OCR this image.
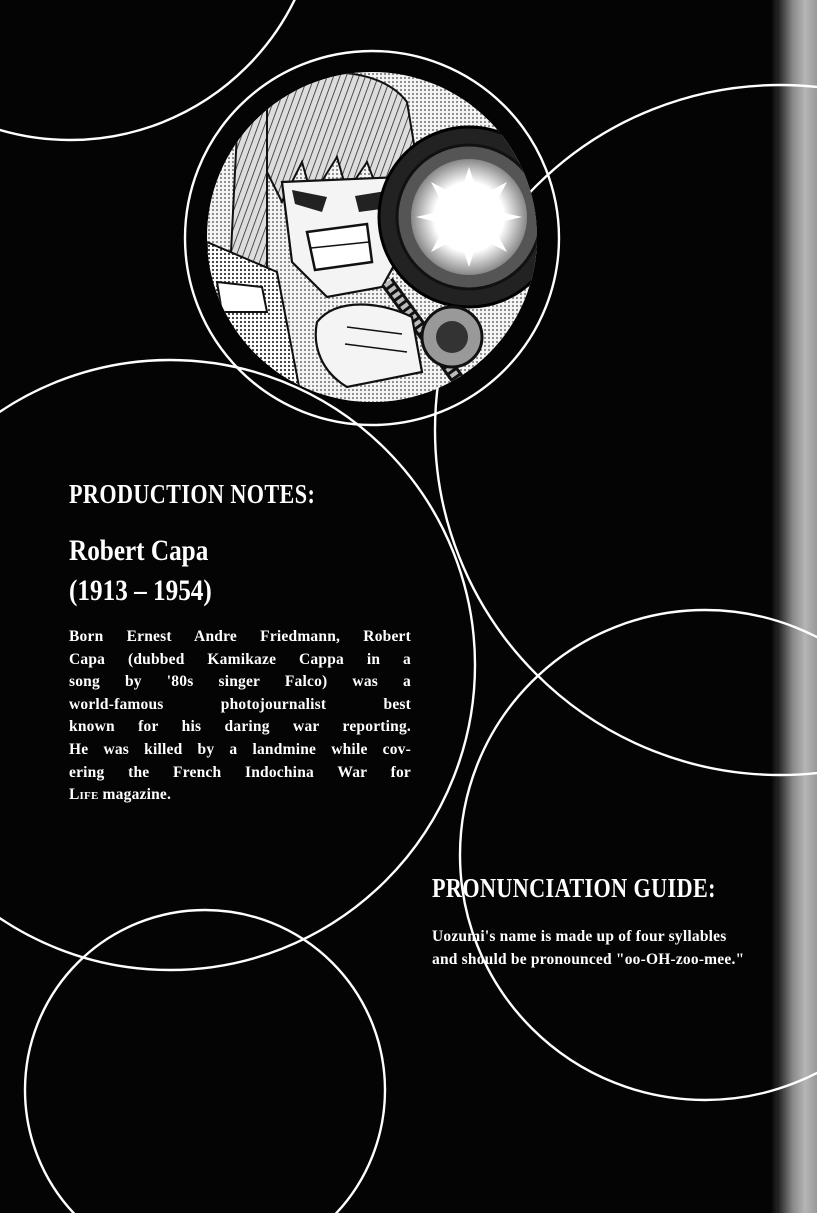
PRODUCTION NOTES:
Robert Capa
(1913 – 1954)
Born Ernest Andre Friedmann, Robert
Capa (dubbed Kamikaze Cappa in a
song by '80s singer Falco) was a
world-famous photojournalist best
known for his daring war reporting.
He was killed by a landmine while cov-
ering the French Indochina War for
Life magazine.
PRONUNCIATION GUIDE:
Uozumi's name is made up of four syllables
and should be pronounced "oo-OH-zoo-mee."
